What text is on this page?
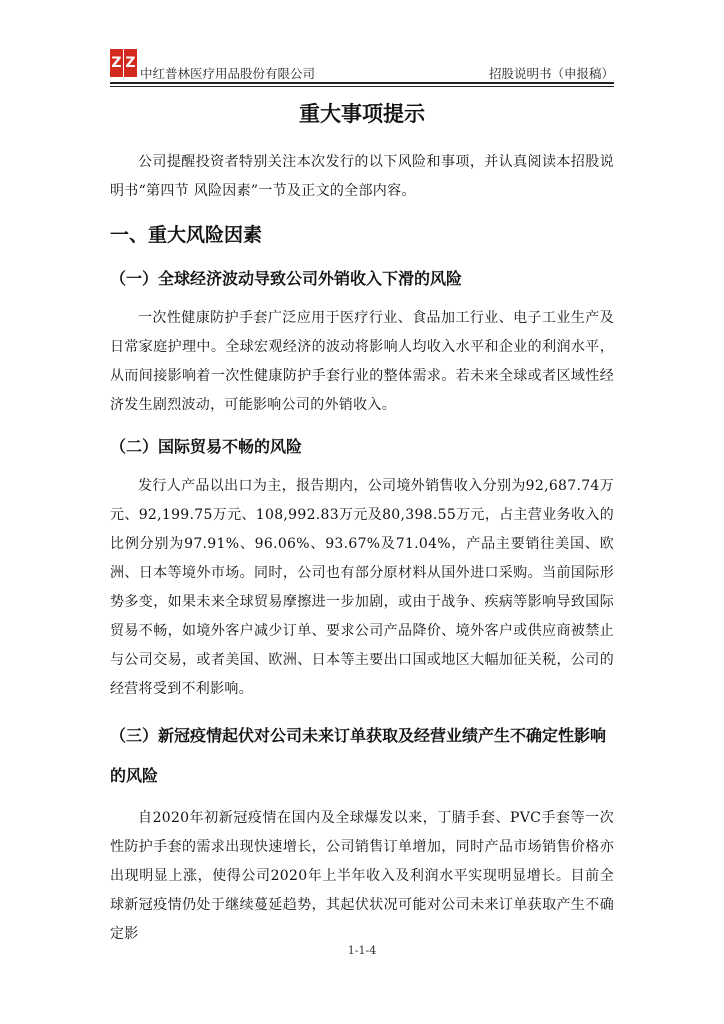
Z Z
中红普林医疗用品股份有限公司	招股说明书（申报稿）
重大事项提示

公司提醒投资者特别关注本次发行的以下风险和事项，并认真阅读本招股说明书“第四节 风险因素”一节及正文的全部内容。

一、重大风险因素
（一）全球经济波动导致公司外销收入下滑的风险

一次性健康防护手套广泛应用于医疗行业、食品加工行业、电子工业生产及日常家庭护理中。全球宏观经济的波动将影响人均收入水平和企业的利润水平，从而间接影响着一次性健康防护手套行业的整体需求。若未来全球或者区域性经济发生剧烈波动，可能影响公司的外销收入。

（二）国际贸易不畅的风险

发行人产品以出口为主，报告期内，公司境外销售收入分别为92,687.74万元、92,199.75万元、108,992.83万元及80,398.55万元，占主营业务收入的比例分别为97.91%、96.06%、93.67%及71.04%，产品主要销往美国、欧洲、日本等境外市场。同时，公司也有部分原材料从国外进口采购。当前国际形势多变，如果未来全球贸易摩擦进一步加剧，或由于战争、疾病等影响导致国际贸易不畅，如境外客户减少订单、要求公司产品降价、境外客户或供应商被禁止与公司交易，或者美国、欧洲、日本等主要出口国或地区大幅加征关税，公司的经营将受到不利影响。

（三）新冠疫情起伏对公司未来订单获取及经营业绩产生不确定性影响的风险

自2020年初新冠疫情在国内及全球爆发以来，丁腈手套、PVC手套等一次性防护手套的需求出现快速增长，公司销售订单增加，同时产品市场销售价格亦出现明显上涨，使得公司2020年上半年收入及利润水平实现明显增长。目前全球新冠疫情仍处于继续蔓延趋势，其起伏状况可能对公司未来订单获取产生不确定影

1-1-4
